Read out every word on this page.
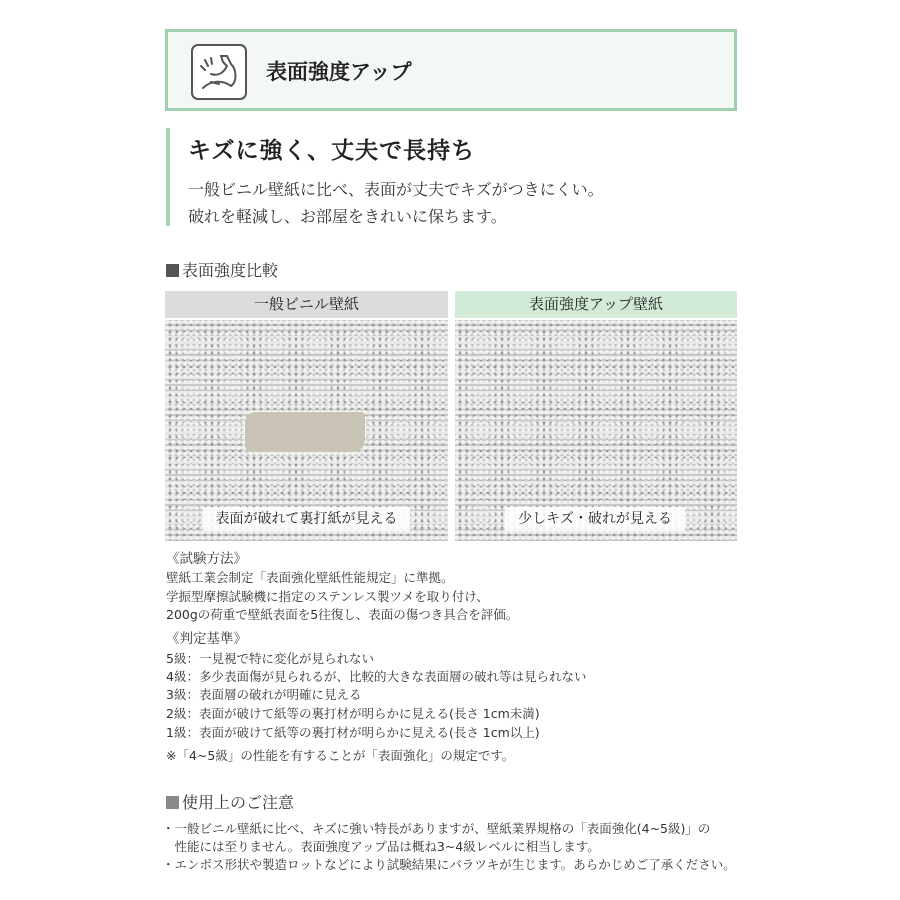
表面強度アップ
キズに強く、丈夫で長持ち
一般ビニル壁紙に比べ、表面が丈夫でキズがつきにくい。
破れを軽減し、お部屋をきれいに保ちます。
表面強度比較
一般ビニル壁紙	表面強度アップ壁紙
表面が破れて裏打紙が見える	少しキズ・破れが見える
《試験方法》
壁紙工業会制定「表面強化壁紙性能規定」に準拠。
学振型摩擦試験機に指定のステンレス製ツメを取り付け、
200gの荷重で壁紙表面を5往復し、表面の傷つき具合を評価。
《判定基準》
5級：一見視で特に変化が見られない
4級：多少表面傷が見られるが、比較的大きな表面層の破れ等は見られない
3級：表面層の破れが明確に見える
2級：表面が破けて紙等の裏打材が明らかに見える(長さ 1cm未満)
1級：表面が破けて紙等の裏打材が明らかに見える(長さ 1cm以上)
※「4~5級」の性能を有することが「表面強化」の規定です。
使用上のご注意
・一般ビニル壁紙に比べ、キズに強い特長がありますが、壁紙業界規格の「表面強化(4~5級)」の
　性能には至りません。表面強度アップ品は概ね3~4級レベルに相当します。
・エンボス形状や製造ロットなどにより試験結果にバラツキが生じます。あらかじめご了承ください。
